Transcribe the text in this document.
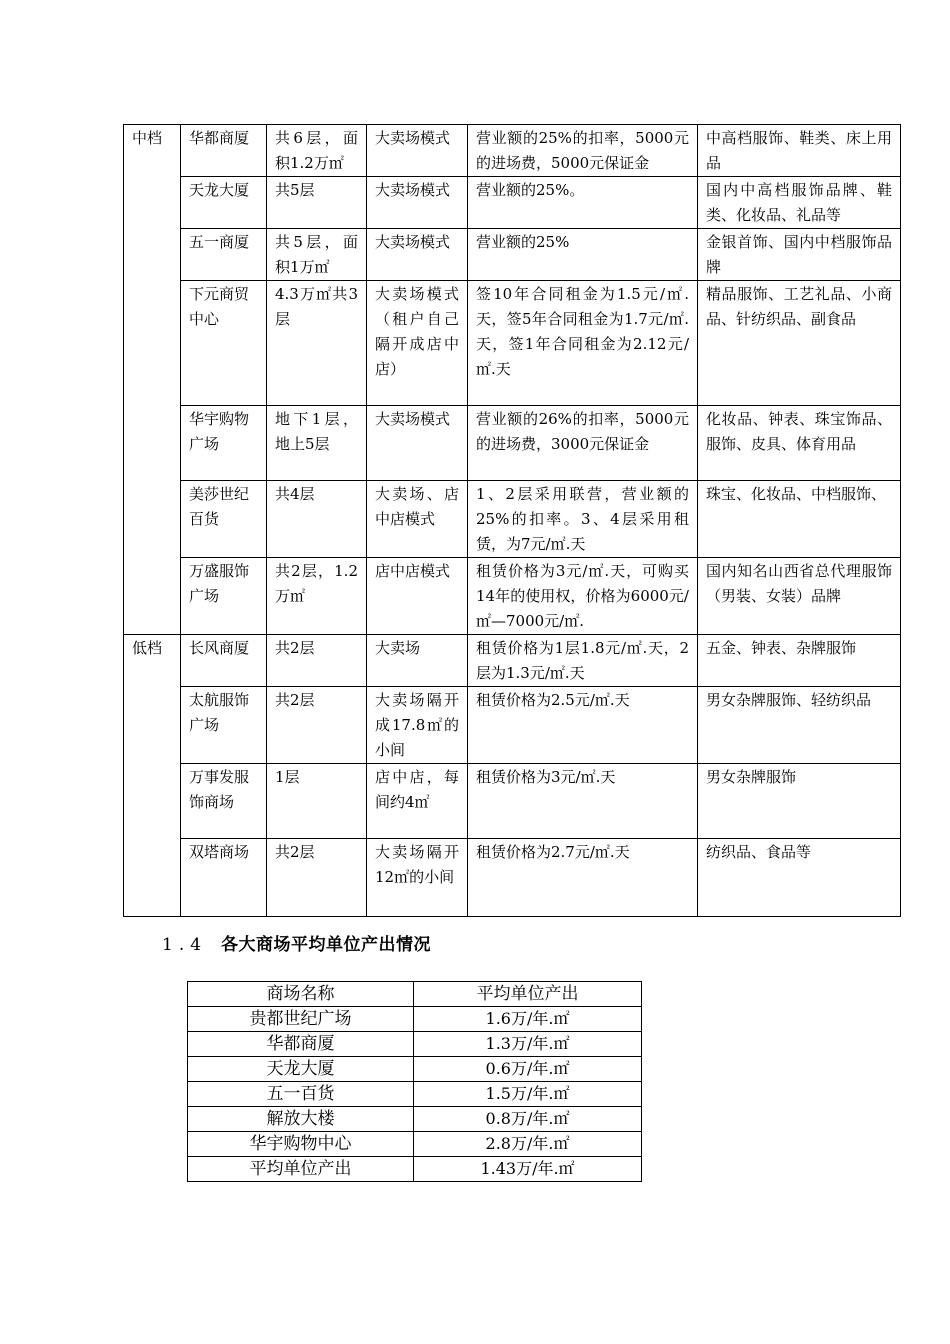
中档	华都商厦	共6层，面积1.2万㎡	大卖场模式	营业额的25%的扣率，5000元的进场费，5000元保证金	中高档服饰、鞋类、床上用品
	天龙大厦	共5层	大卖场模式	营业额的25%。	国内中高档服饰品牌、鞋类、化妆品、礼品等
	五一商厦	共5层，面积1万㎡	大卖场模式	营业额的25%	金银首饰、国内中档服饰品牌
	下元商贸中心	4.3万㎡共3层	大卖场模式（租户自己隔开成店中店）	签10年合同租金为1.5元/㎡.天，签5年合同租金为1.7元/㎡.天，签1年合同租金为2.12元/㎡.天	精品服饰、工艺礼品、小商品、针纺织品、副食品
	华宇购物广场	地下1层，地上5层	大卖场模式	营业额的26%的扣率，5000元的进场费，3000元保证金	化妆品、钟表、珠宝饰品、服饰、皮具、体育用品
	美莎世纪百货	共4层	大卖场、店中店模式	1、2层采用联营，营业额的25%的扣率。3、4层采用租赁，为7元/㎡.天	珠宝、化妆品、中档服饰、
	万盛服饰广场	共2层，1.2万㎡	店中店模式	租赁价格为3元/㎡.天，可购买14年的使用权，价格为6000元/㎡—7000元/㎡.	国内知名山西省总代理服饰（男装、女装）品牌
低档	长风商厦	共2层	大卖场	租赁价格为1层1.8元/㎡.天，2层为1.3元/㎡.天	五金、钟表、杂牌服饰
	太航服饰广场	共2层	大卖场隔开成17.8㎡的小间	租赁价格为2.5元/㎡.天	男女杂牌服饰、轻纺织品
	万事发服饰商场	1层	店中店，每间约4㎡	租赁价格为3元/㎡.天	男女杂牌服饰
	双塔商场	共2层	大卖场隔开12㎡的小间	租赁价格为2.7元/㎡.天	纺织品、食品等
1.4 各大商场平均单位产出情况
商场名称	平均单位产出
贵都世纪广场	1.6万/年.㎡
华都商厦	1.3万/年.㎡
天龙大厦	0.6万/年.㎡
五一百货	1.5万/年.㎡
解放大楼	0.8万/年.㎡
华宇购物中心	2.8万/年.㎡
平均单位产出	1.43万/年.㎡
